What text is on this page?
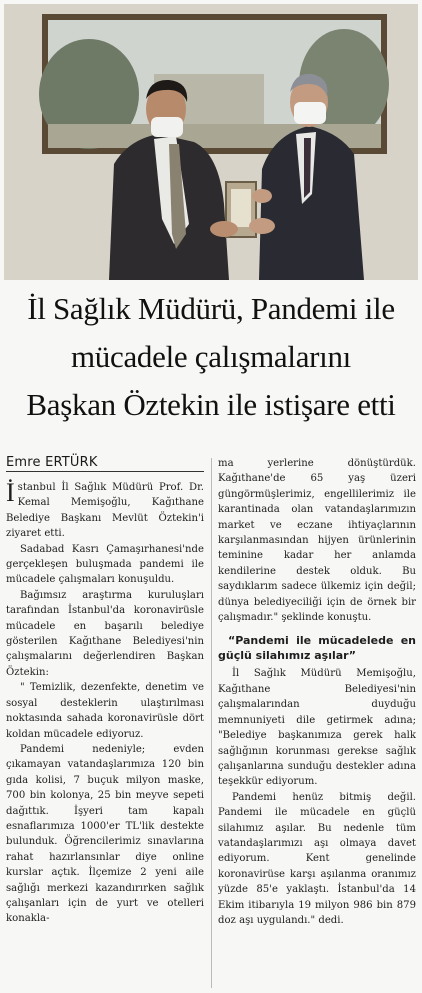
İl Sağlık Müdürü, Pandemi ile
mücadele çalışmalarını
Başkan Öztekin ile istişare etti
Emre ERTÜRK

İstanbul İl Sağlık Müdürü Prof. Dr. Kemal Memişoğlu, Kağıthane Belediye Başkanı Mevlüt Öztekin'i ziyaret etti.

Sadabad Kasrı Çamaşırhanesi'nde gerçekleşen buluşmada pandemi ile mücadele çalışmaları konuşuldu.

Bağımsız araştırma kuruluşları tarafından İstanbul'da koronavirüsle mücadele en başarılı belediye gösterilen Kağıthane Belediyesi'nin çalışmalarını değerlendiren Başkan Öztekin:

" Temizlik, dezenfekte, denetim ve sosyal desteklerin ulaştırılması noktasında sahada koronavirüsle dört koldan mücadele ediyoruz.

Pandemi nedeniyle; evden çıkamayan vatandaşlarımıza 120 bin gıda kolisi, 7 buçuk milyon maske, 700 bin kolonya, 25 bin meyve sepeti dağıttık. İşyeri tam kapalı esnaflarımıza 1000'er TL'lik destekte bulunduk. Öğrencilerimiz sınavlarına rahat hazırlansınlar diye online kurslar açtık. İlçemize 2 yeni aile sağlığı merkezi kazandırırken sağlık çalışanları için de yurt ve otelleri konakla-

ma yerlerine dönüştürdük. Kağıthane'de 65 yaş üzeri güngörmüşlerimiz, engellilerimiz ile karantinada olan vatandaşlarımızın market ve eczane ihtiyaçlarının karşılanmasından hijyen ürünlerinin teminine kadar her anlamda kendilerine destek olduk. Bu saydıklarım sadece ülkemiz için değil; dünya belediyeciliği için de örnek bir çalışmadır." şeklinde konuştu.

“Pandemi ile mücadelede en güçlü silahımız aşılar”

İl Sağlık Müdürü Memişoğlu, Kağıthane Belediyesi'nin çalışmalarından duyduğu memnuniyeti dile getirmek adına; "Belediye başkanımıza gerek halk sağlığının korunması gerekse sağlık çalışanlarına sunduğu destekler adına teşekkür ediyorum.

Pandemi henüz bitmiş değil. Pandemi ile mücadele en güçlü silahımız aşılar. Bu nedenle tüm vatandaşlarımızı aşı olmaya davet ediyorum. Kent genelinde koronavirüse karşı aşılanma oranımız yüzde 85'e yaklaştı. İstanbul'da 14 Ekim itibarıyla 19 milyon 986 bin 879 doz aşı uygulandı." dedi.
